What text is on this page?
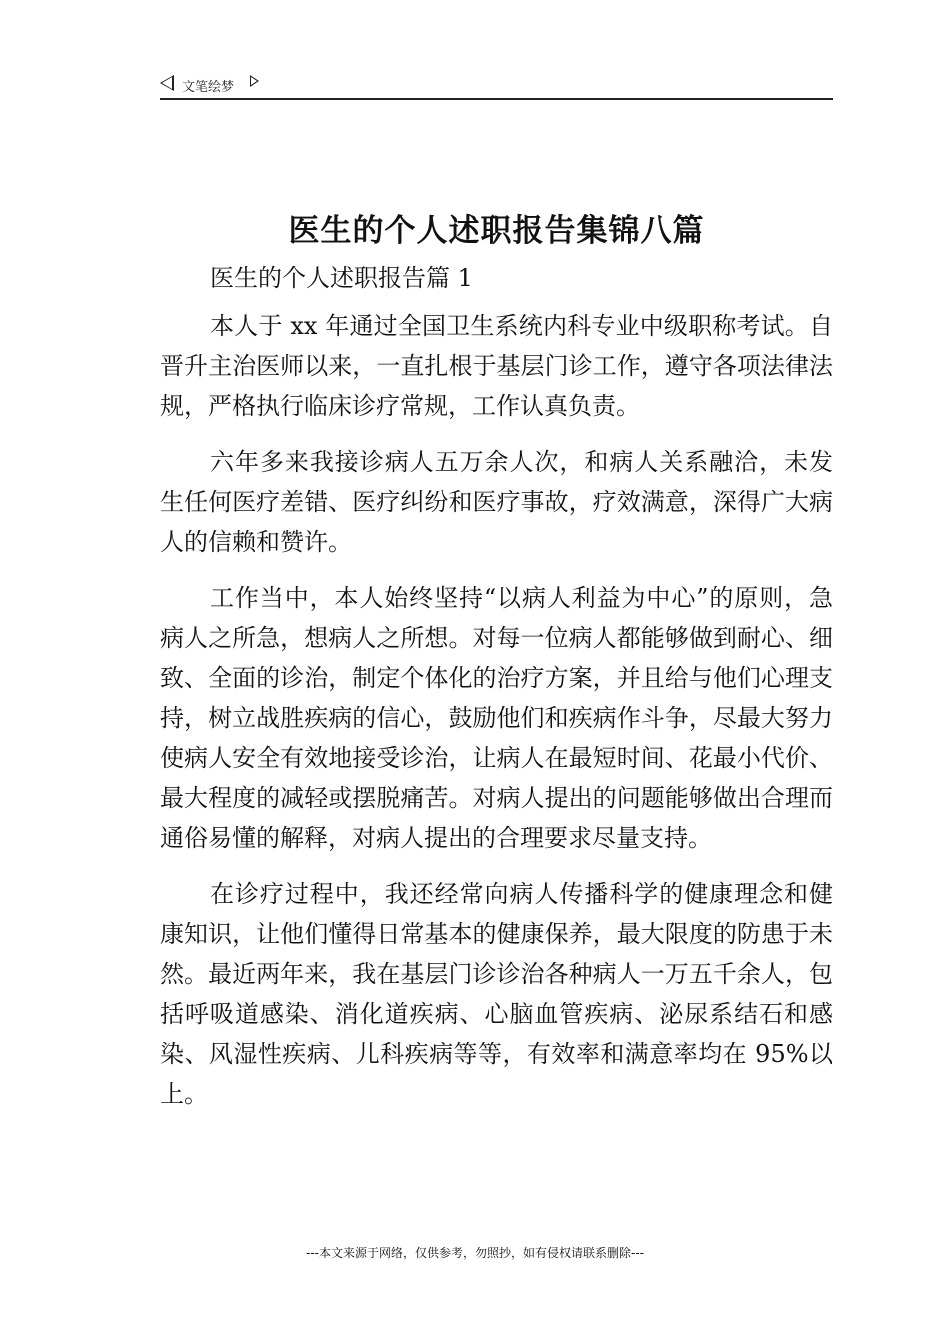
文笔绘梦
医生的个人述职报告集锦八篇

医生的个人述职报告篇 1

本人于 xx 年通过全国卫生系统内科专业中级职称考试。自晋升主治医师以来，一直扎根于基层门诊工作，遵守各项法律法规，严格执行临床诊疗常规，工作认真负责。

六年多来我接诊病人五万余人次，和病人关系融洽，未发生任何医疗差错、医疗纠纷和医疗事故，疗效满意，深得广大病人的信赖和赞许。

工作当中，本人始终坚持“以病人利益为中心”的原则，急病人之所急，想病人之所想。对每一位病人都能够做到耐心、细致、全面的诊治，制定个体化的治疗方案，并且给与他们心理支持，树立战胜疾病的信心，鼓励他们和疾病作斗争，尽最大努力使病人安全有效地接受诊治，让病人在最短时间、花最小代价、最大程度的减轻或摆脱痛苦。对病人提出的问题能够做出合理而通俗易懂的解释，对病人提出的合理要求尽量支持。

在诊疗过程中，我还经常向病人传播科学的健康理念和健康知识，让他们懂得日常基本的健康保养，最大限度的防患于未然。最近两年来，我在基层门诊诊治各种病人一万五千余人，包括呼吸道感染、消化道疾病、心脑血管疾病、泌尿系结石和感染、风湿性疾病、儿科疾病等等，有效率和满意率均在 95%以上。

---本文来源于网络，仅供参考，勿照抄，如有侵权请联系删除---
